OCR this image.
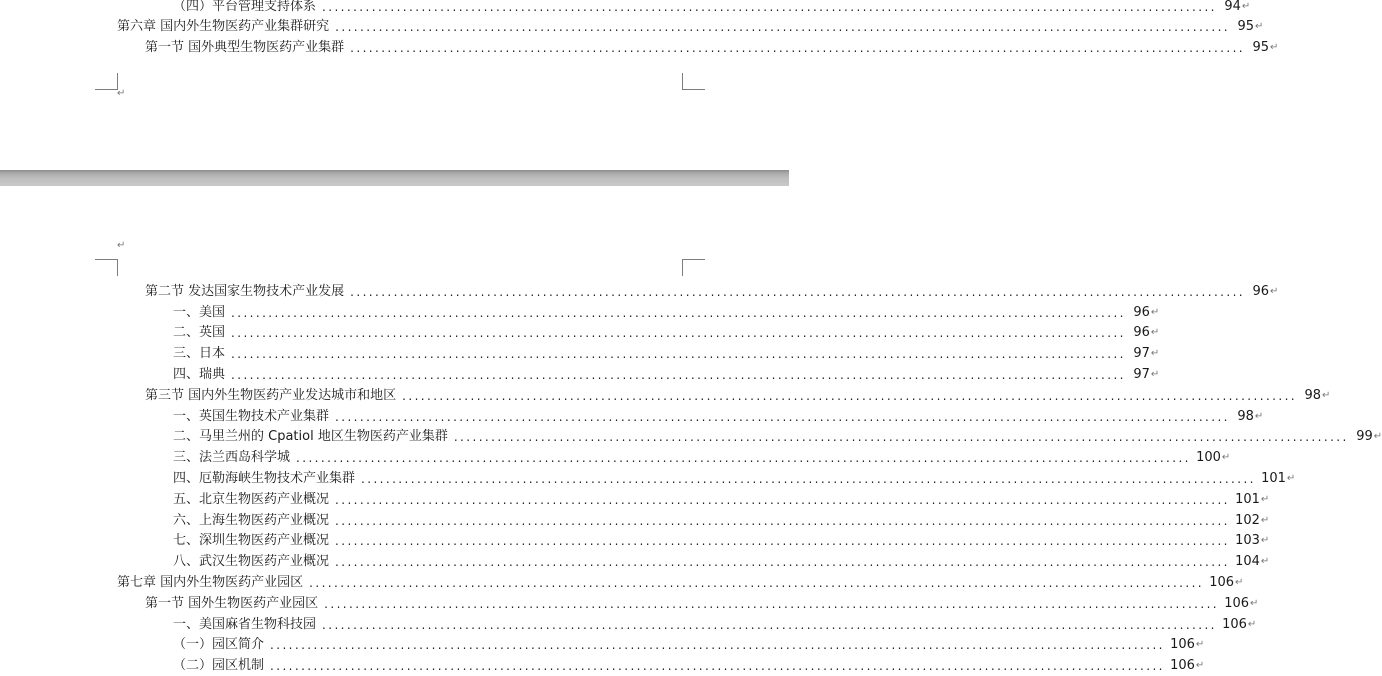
（四）平台管理支持体系 ................................................................................................................................................ 94 ↵
第六章 国内外生物医药产业集群研究 ................................................................................................................................................ 95 ↵
第一节 国外典型生物医药产业集群 ................................................................................................................................................ 95 ↵
↵
↵
第二节 发达国家生物技术产业发展 ................................................................................................................................................ 96 ↵
一、美国 ................................................................................................................................................ 96 ↵
二、英国 ................................................................................................................................................ 96 ↵
三、日本 ................................................................................................................................................ 97 ↵
四、瑞典 ................................................................................................................................................ 97 ↵
第三节 国内外生物医药产业发达城市和地区 ................................................................................................................................................ 98 ↵
一、英国生物技术产业集群 ................................................................................................................................................ 98 ↵
二、马里兰州的 Cpatiol 地区生物医药产业集群 ................................................................................................................................................ 99 ↵
三、法兰西岛科学城 ................................................................................................................................................ 100 ↵
四、厄勒海峡生物技术产业集群 ................................................................................................................................................ 101 ↵
五、北京生物医药产业概况 ................................................................................................................................................ 101 ↵
六、上海生物医药产业概况 ................................................................................................................................................ 102 ↵
七、深圳生物医药产业概况 ................................................................................................................................................ 103 ↵
八、武汉生物医药产业概况 ................................................................................................................................................ 104 ↵
第七章 国内外生物医药产业园区 ................................................................................................................................................ 106 ↵
第一节 国外生物医药产业园区 ................................................................................................................................................ 106 ↵
一、美国麻省生物科技园 ................................................................................................................................................ 106 ↵
（一）园区简介 ................................................................................................................................................ 106 ↵
（二）园区机制 ................................................................................................................................................ 106 ↵
